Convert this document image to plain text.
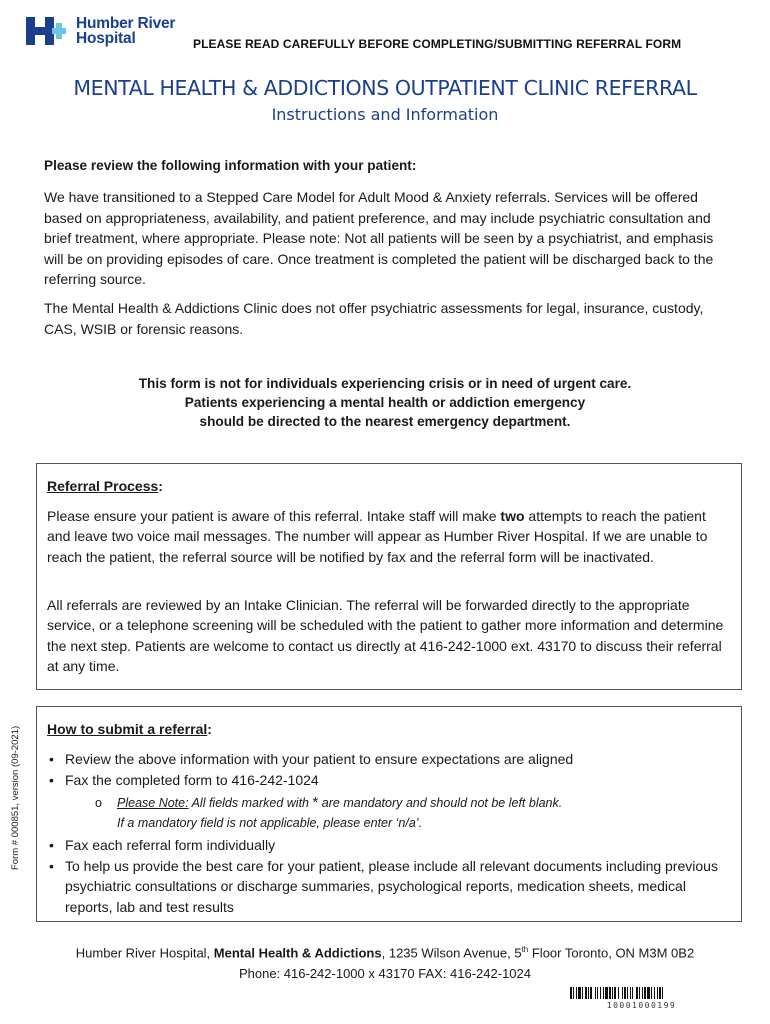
Humber River
Hospital	PLEASE READ CAREFULLY BEFORE COMPLETING/SUBMITTING REFERRAL FORM
MENTAL HEALTH & ADDICTIONS OUTPATIENT CLINIC REFERRAL
Instructions and Information
Please review the following information with your patient:
We have transitioned to a Stepped Care Model for Adult Mood & Anxiety referrals. Services will be offered based on appropriateness, availability, and patient preference, and may include psychiatric consultation and brief treatment, where appropriate. Please note: Not all patients will be seen by a psychiatrist, and emphasis will be on providing episodes of care. Once treatment is completed the patient will be discharged back to the referring source.
The Mental Health & Addictions Clinic does not offer psychiatric assessments for legal, insurance, custody, CAS, WSIB or forensic reasons.
This form is not for individuals experiencing crisis or in need of urgent care.
Patients experiencing a mental health or addiction emergency
should be directed to the nearest emergency department.
Referral Process:
Please ensure your patient is aware of this referral. Intake staff will make two attempts to reach the patient and leave two voice mail messages. The number will appear as Humber River Hospital. If we are unable to reach the patient, the referral source will be notified by fax and the referral form will be inactivated.
All referrals are reviewed by an Intake Clinician. The referral will be forwarded directly to the appropriate service, or a telephone screening will be scheduled with the patient to gather more information and determine the next step. Patients are welcome to contact us directly at 416-242-1000 ext. 43170 to discuss their referral at any time.
How to submit a referral:
• Review the above information with your patient to ensure expectations are aligned
• Fax the completed form to 416-242-1024
o Please Note: All fields marked with * are mandatory and should not be left blank.
If a mandatory field is not applicable, please enter ‘n/a’.
• Fax each referral form individually
• To help us provide the best care for your patient, please include all relevant documents including previous psychiatric consultations or discharge summaries, psychological reports, medication sheets, medical reports, lab and test results
Form # 000851, version (09-2021)
Humber River Hospital, Mental Health & Addictions, 1235 Wilson Avenue, 5th Floor Toronto, ON M3M 0B2
Phone: 416-242-1000 x 43170 FAX: 416-242-1024
10001000199
